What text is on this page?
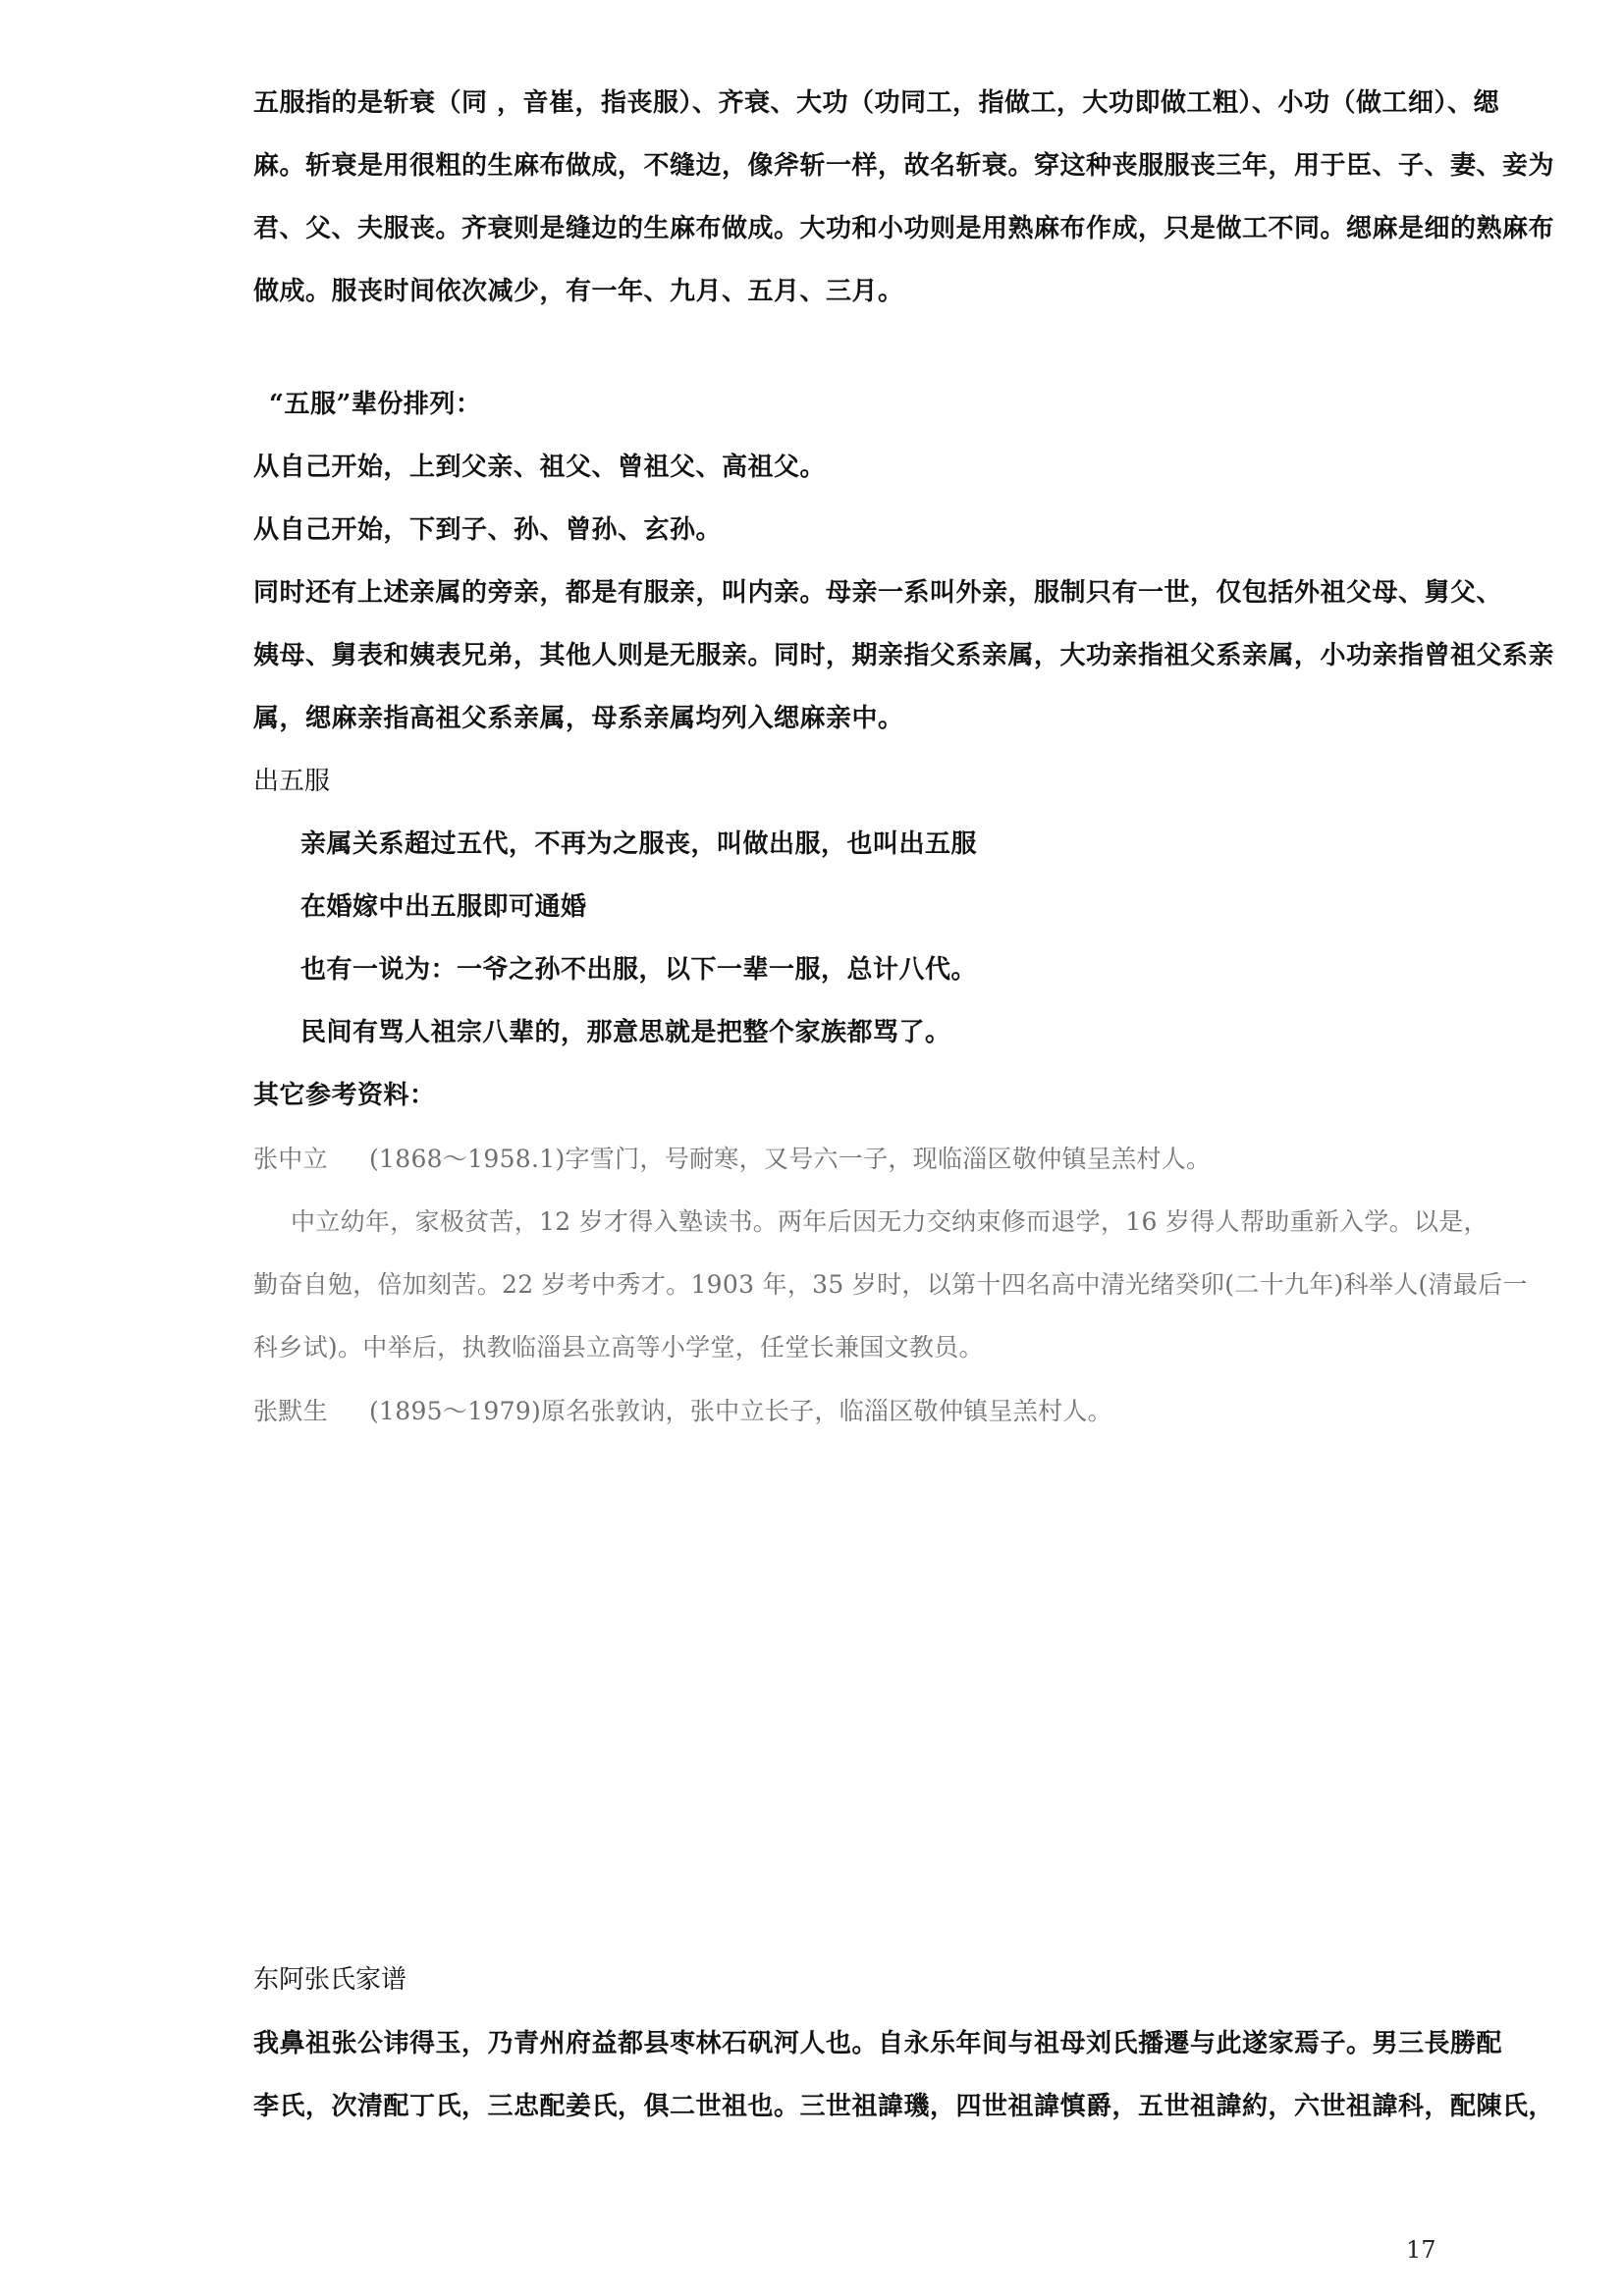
五服指的是斩衰（同 ，音崔，指丧服）、齐衰、大功（功同工，指做工，大功即做工粗）、小功（做工细）、缌

麻。斩衰是用很粗的生麻布做成，不缝边，像斧斩一样，故名斩衰。穿这种丧服服丧三年，用于臣、子、妻、妾为

君、父、夫服丧。齐衰则是缝边的生麻布做成。大功和小功则是用熟麻布作成，只是做工不同。缌麻是细的熟麻布

做成。服丧时间依次减少，有一年、九月、五月、三月。

“五服”辈份排列：

从自己开始，上到父亲、祖父、曾祖父、高祖父。

从自己开始，下到子、孙、曾孙、玄孙。

同时还有上述亲属的旁亲，都是有服亲，叫内亲。母亲一系叫外亲，服制只有一世，仅包括外祖父母、舅父、

姨母、舅表和姨表兄弟，其他人则是无服亲。同时，期亲指父系亲属，大功亲指祖父系亲属，小功亲指曾祖父系亲

属，缌麻亲指高祖父系亲属，母系亲属均列入缌麻亲中。

出五服

亲属关系超过五代，不再为之服丧，叫做出服，也叫出五服

在婚嫁中出五服即可通婚

也有一说为：一爷之孙不出服，以下一辈一服，总计八代。

民间有骂人祖宗八辈的，那意思就是把整个家族都骂了。

其它参考资料：

张中立 (1868～1958.1)字雪门，号耐寒，又号六一子，现临淄区敬仲镇呈羔村人。

中立幼年，家极贫苦，12 岁才得入塾读书。两年后因无力交纳束修而退学，16 岁得人帮助重新入学。以是，

勤奋自勉，倍加刻苦。22 岁考中秀才。1903 年，35 岁时，以第十四名高中清光绪癸卯(二十九年)科举人(清最后一

科乡试)。中举后，执教临淄县立高等小学堂，任堂长兼国文教员。

张默生 (1895～1979)原名张敦讷，张中立长子，临淄区敬仲镇呈羔村人。

东阿张氏家谱

我鼻祖张公讳得玉，乃青州府益都县枣林石矾河人也。自永乐年间与祖母刘氏播遷与此遂家焉子。男三長勝配

李氏，次清配丁氏，三忠配姜氏，俱二世祖也。三世祖諱璣，四世祖諱慎爵，五世祖諱約，六世祖諱科，配陳氏，

17
